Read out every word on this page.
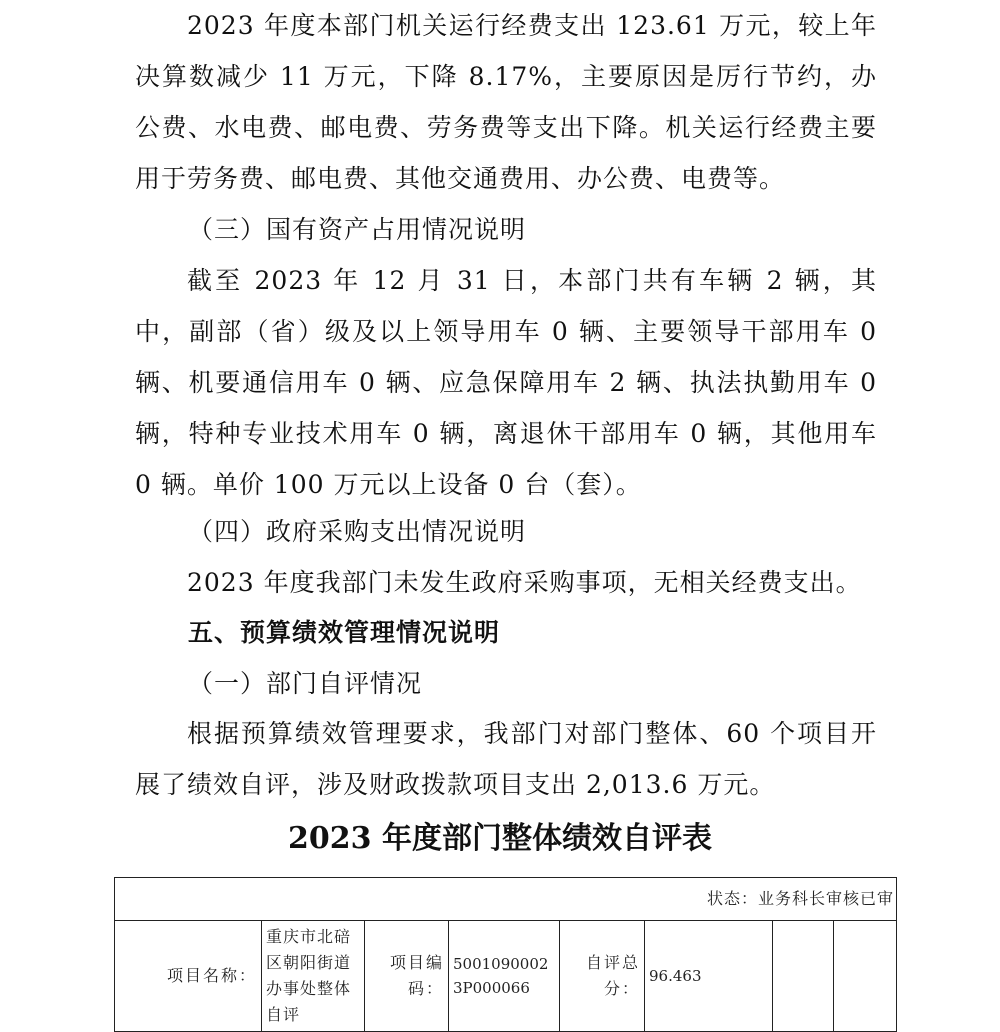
2023 年度本部门机关运行经费支出 123.61 万元，较上年决算数减少 11 万元，下降 8.17%，主要原因是厉行节约，办公费、水电费、邮电费、劳务费等支出下降。机关运行经费主要用于劳务费、邮电费、其他交通费用、办公费、电费等。

（三）国有资产占用情况说明

截至 2023 年 12 月 31 日，本部门共有车辆 2 辆，其中，副部（省）级及以上领导用车 0 辆、主要领导干部用车 0 辆、机要通信用车 0 辆、应急保障用车 2 辆、执法执勤用车 0 辆，特种专业技术用车 0 辆，离退休干部用车 0 辆，其他用车 0 辆。单价 100 万元以上设备 0 台（套）。

（四）政府采购支出情况说明

2023 年度我部门未发生政府采购事项，无相关经费支出。

五、预算绩效管理情况说明

（一）部门自评情况

根据预算绩效管理要求，我部门对部门整体、60 个项目开展了绩效自评，涉及财政拨款项目支出 2,013.6 万元。

2023 年度部门整体绩效自评表

状态：业务科长审核已审
项目名称：	重庆市北碚区朝阳街道办事处整体自评	项目编码：	50010900023P000066	自评总分：	96.463		
